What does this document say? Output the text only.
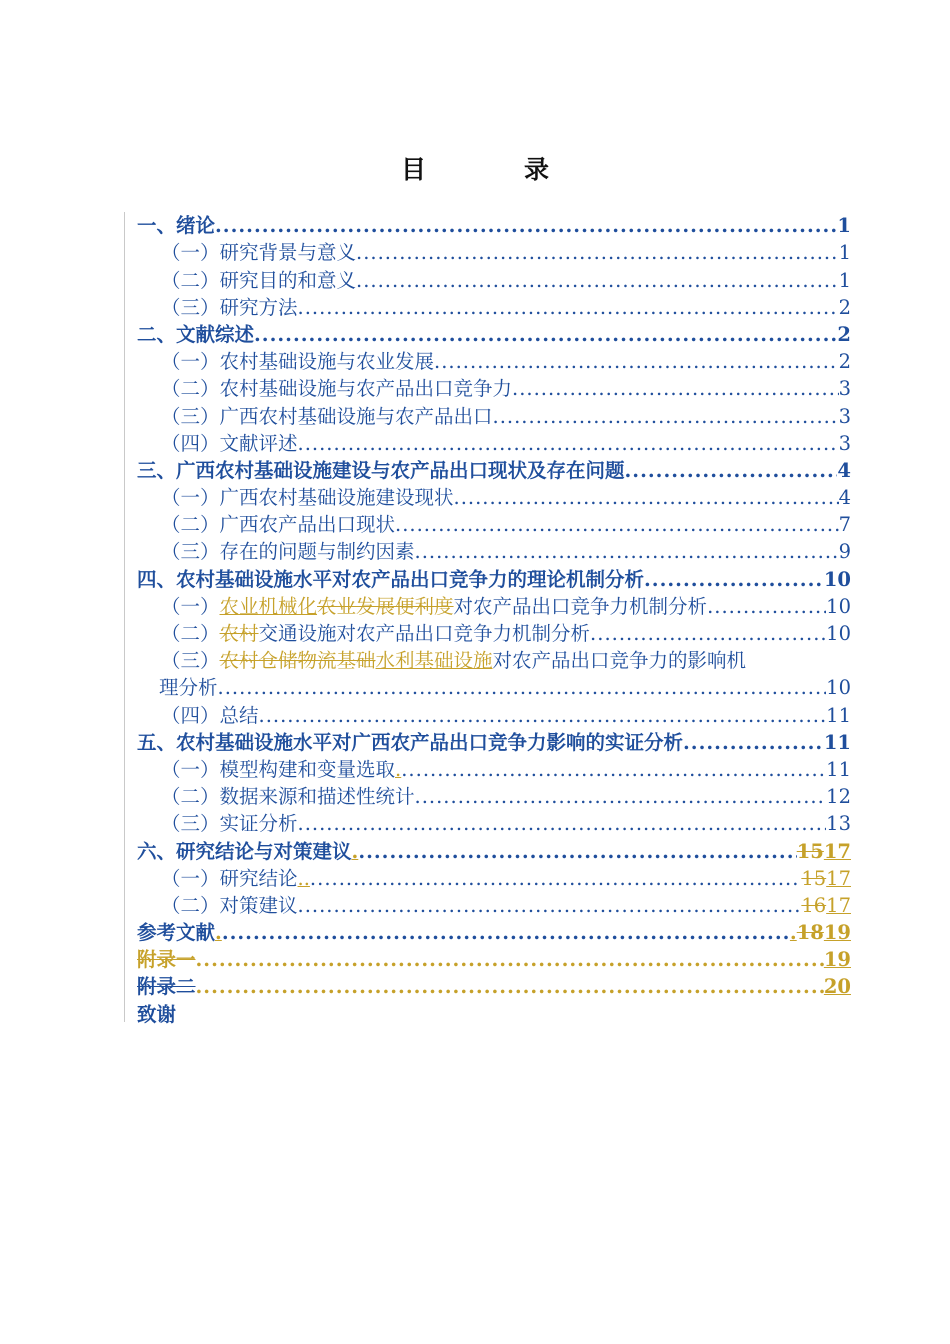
目	录
一、绪论 .....	1
（一）研究背景与意义 .....	1
（二）研究目的和意义 .....	1
（三）研究方法 .....	2
二、文献综述 .....	2
（一）农村基础设施与农业发展 .....	2
（二）农村基础设施与农产品出口竞争力 .....	3
（三）广西农村基础设施与农产品出口 .....	3
（四）文献评述 .....	3
三、广西农村基础设施建设与农产品出口现状及存在问题 .....	4
（一）广西农村基础设施建设现状 .....	4
（二）广西农产品出口现状 .....	7
（三）存在的问题与制约因素 .....	9
四、农村基础设施水平对农产品出口竞争力的理论机制分析 .....	10
（一）农业机械化农业发展便利度对农产品出口竞争力机制分析 .....	10
（二）农村交通设施对农产品出口竞争力机制分析 .....	10
（三）农村仓储物流基础水利基础设施对农产品出口竞争力的影响机
理分析 .....	10
（四）总结 .....	11
五、农村基础设施水平对广西农产品出口竞争力影响的实证分析 .....	11
（一）模型构建和变量选取. .....	11
（二）数据来源和描述性统计 .....	12
（三）实证分析 .....	13
六、研究结论与对策建议. .....	1517
（一）研究结论.. .....	1517
（二）对策建议 .....	1617
参考文献. .....	.1819
附录一 .....	19
附录二 .....	20
致谢
